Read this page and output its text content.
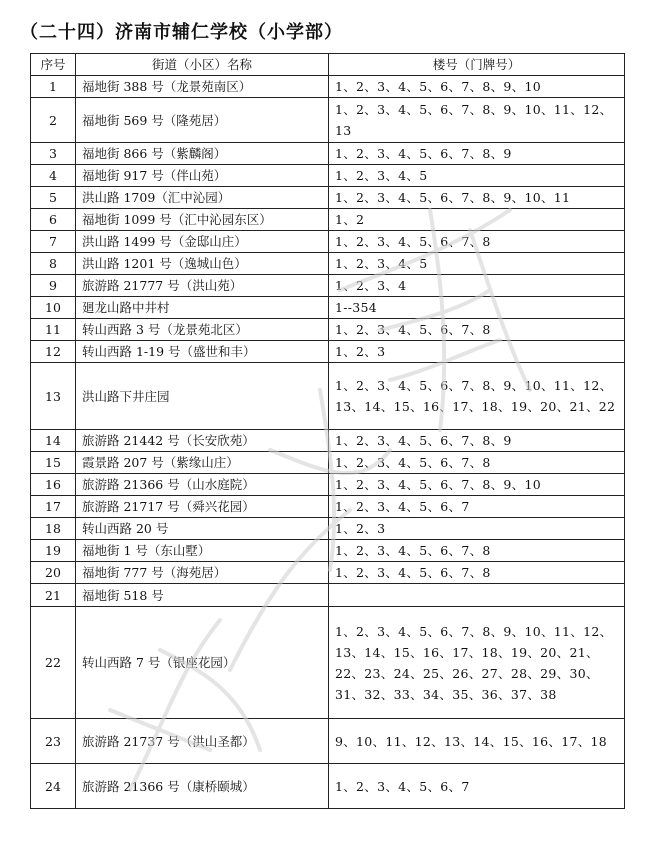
（二十四）济南市辅仁学校（小学部）
序号	街道（小区）名称	楼号（门牌号）
1	福地街 388 号（龙景苑南区）	1、2、3、4、5、6、7、8、9、10
2	福地街 569 号（隆苑居）	1、2、3、4、5、6、7、8、9、10、11、12、13
3	福地街 866 号（紫麟阁）	1、2、3、4、5、6、7、8、9
4	福地街 917 号（伴山苑）	1、2、3、4、5
5	洪山路 1709（汇中沁园）	1、2、3、4、5、6、7、8、9、10、11
6	福地街 1099 号（汇中沁园东区）	1、2
7	洪山路 1499 号（金邸山庄）	1、2、3、4、5、6、7、8
8	洪山路 1201 号（逸城山色）	1、2、3、4、5
9	旅游路 21777 号（洪山苑）	1、2、3、4
10	廻龙山路中井村	1--354
11	转山西路 3 号（龙景苑北区）	1、2、3、4、5、6、7、8
12	转山西路 1-19 号（盛世和丰）	1、2、3
13	洪山路下井庄园	1、2、3、4、5、6、7、8、9、10、11、12、13、14、15、16、17、18、19、20、21、22
14	旅游路 21442 号（长安欣苑）	1、2、3、4、5、6、7、8、9
15	霞景路 207 号（紫缘山庄）	1、2、3、4、5、6、7、8
16	旅游路 21366 号（山水庭院）	1、2、3、4、5、6、7、8、9、10
17	旅游路 21717 号（舜兴花园）	1、2、3、4、5、6、7
18	转山西路 20 号	1、2、3
19	福地街 1 号（东山墅）	1、2、3、4、5、6、7、8
20	福地街 777 号（海苑居）	1、2、3、4、5、6、7、8
21	福地街 518 号	
22	转山西路 7 号（银座花园）	1、2、3、4、5、6、7、8、9、10、11、12、13、14、15、16、17、18、19、20、21、22、23、24、25、26、27、28、29、30、31、32、33、34、35、36、37、38
23	旅游路 21737 号（洪山圣都）	9、10、11、12、13、14、15、16、17、18
24	旅游路 21366 号（康桥颐城）	1、2、3、4、5、6、7
